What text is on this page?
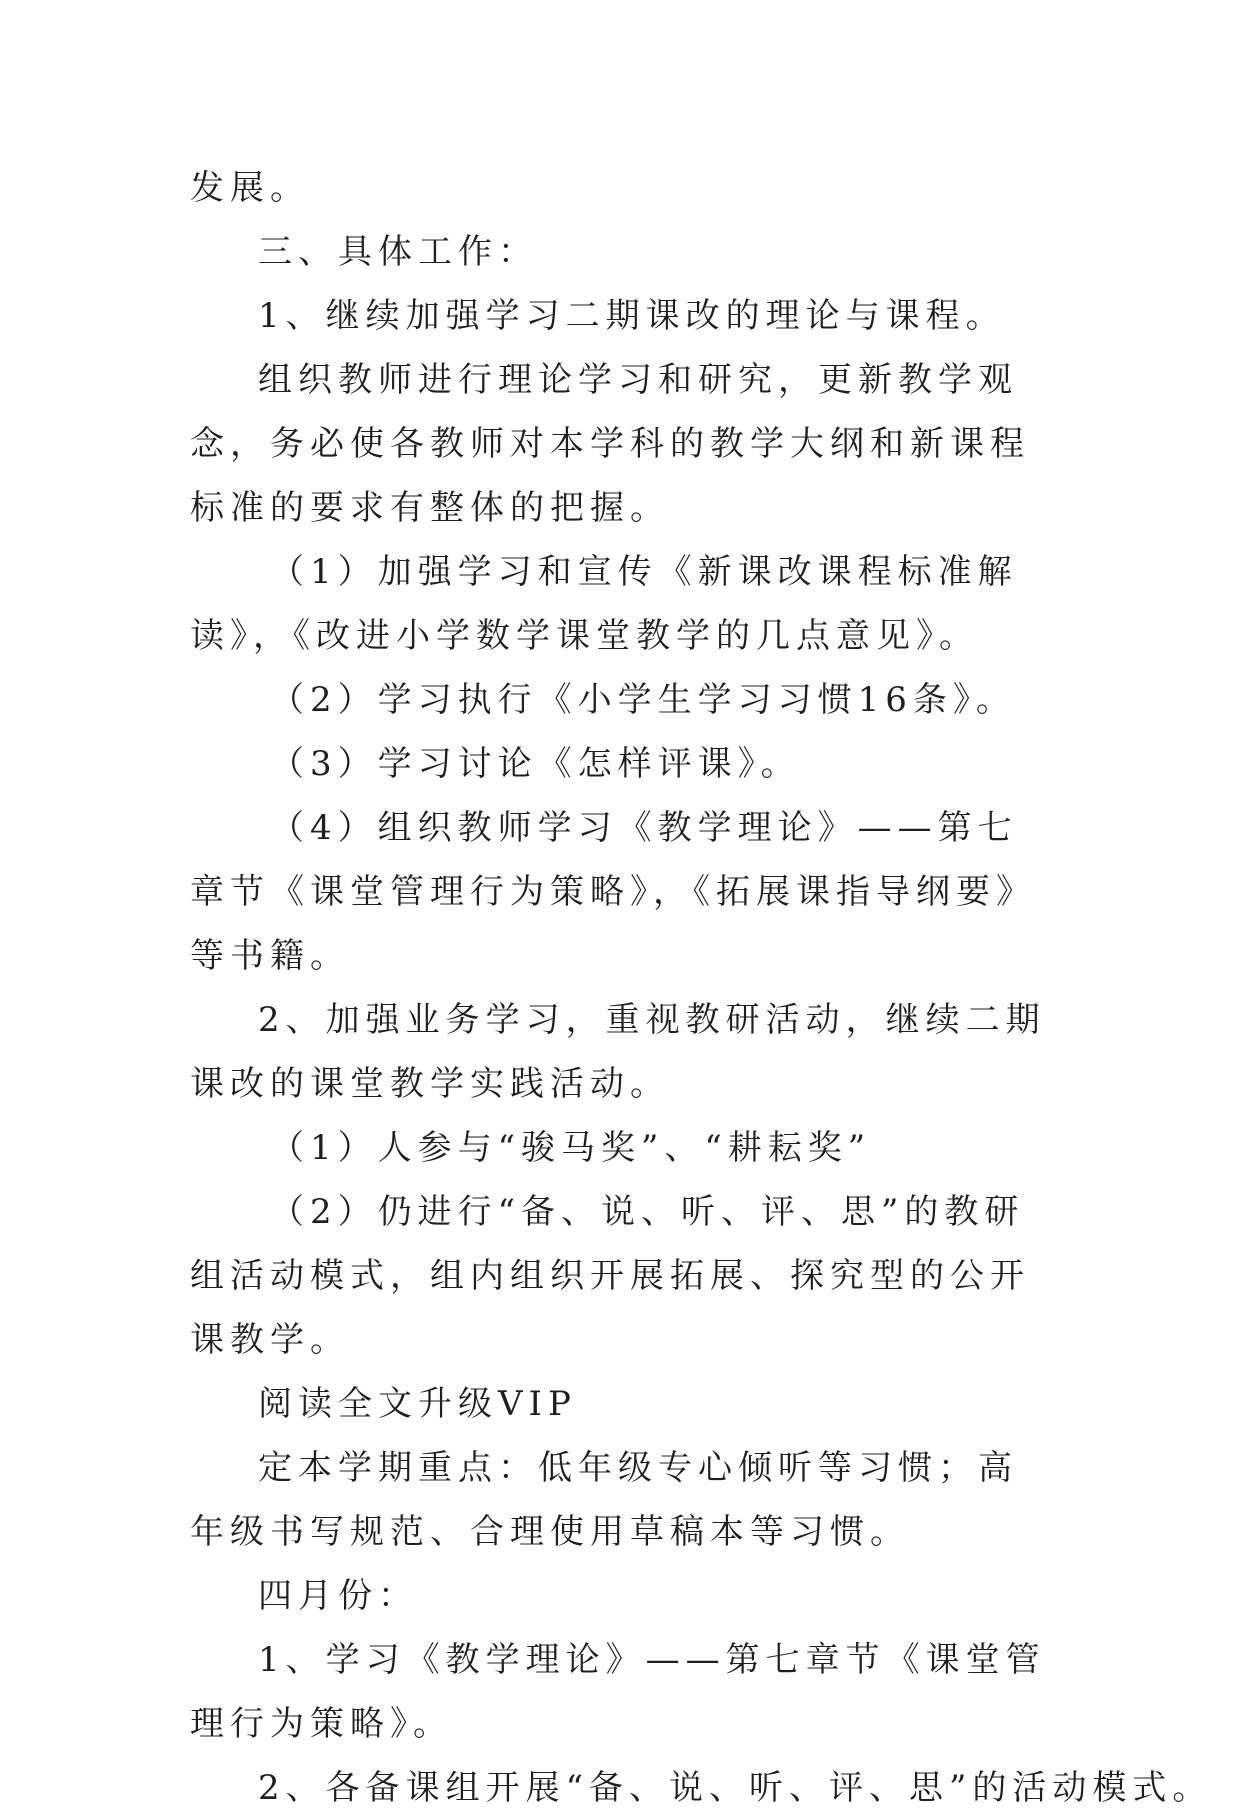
发展。

三、具体工作：

1、继续加强学习二期课改的理论与课程。

组织教师进行理论学习和研究，更新教学观念，务必使各教师对本学科的教学大纲和新课程标准的要求有整体的把握。

（1）加强学习和宣传《新课改课程标准解读》，《改进小学数学课堂教学的几点意见》。

（2）学习执行《小学生学习习惯16条》。

（3）学习讨论《怎样评课》。

（4）组织教师学习《教学理论》——第七章节《课堂管理行为策略》，《拓展课指导纲要》等书籍。

2、加强业务学习，重视教研活动，继续二期课改的课堂教学实践活动。

（1）人参与“骏马奖”、“耕耘奖”

（2）仍进行“备、说、听、评、思”的教研组活动模式，组内组织开展拓展、探究型的公开课教学。

阅读全文升级VIP

定本学期重点：低年级专心倾听等习惯；高年级书写规范、合理使用草稿本等习惯。

四月份：

1、学习《教学理论》——第七章节《课堂管理行为策略》。

2、各备课组开展“备、说、听、评、思”的活动模式。
